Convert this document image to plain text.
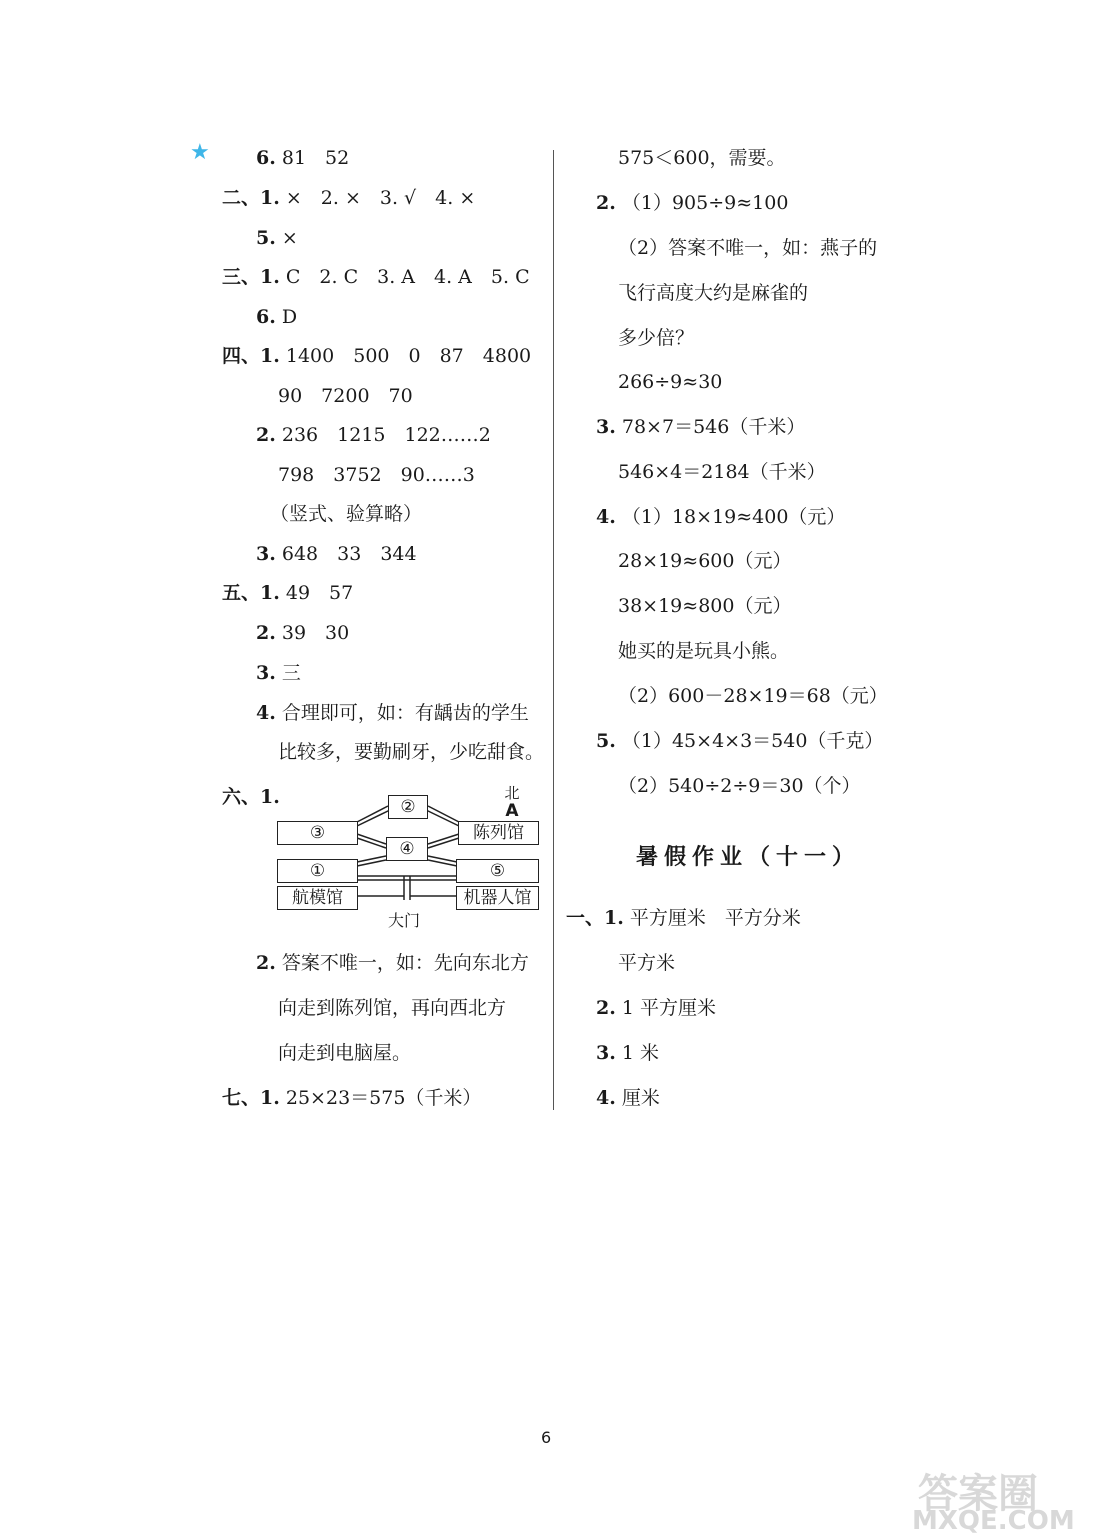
★ 6. 81　52
二、1. ×　2. ×　3. √　4. ×
5. ×
三、1. C　2. C　3. A　4. A　5. C
6. D
四、1. 1400　500　0　87　4800
90　7200　70
2. 236　1215　122……2
798　3752　90……3
（竖式、验算略）
3. 648　33　344
五、1. 49　57
2. 39　30
3. 三
4. 合理即可，如：有龋齿的学生
比较多，要勤刷牙，少吃甜食。
六、1.
2. 答案不唯一，如：先向东北方
向走到陈列馆，再向西北方
向走到电脑屋。
七、1. 25×23＝575（千米）
②
③	陈列馆
④
①	⑤
航模馆	机器人馆
北
A
大门
575＜600，需要。
2. （1）905÷9≈100
（2）答案不唯一，如：燕子的
飞行高度大约是麻雀的
多少倍？
266÷9≈30
3. 78×7＝546（千米）
546×4＝2184（千米）
4. （1）18×19≈400（元）
28×19≈600（元）
38×19≈800（元）
她买的是玩具小熊。
（2）600－28×19＝68（元）
5. （1）45×4×3＝540（千克）
（2）540÷2÷9＝30（个）
暑假作业（十一）
一、1. 平方厘米　平方分米
平方米
2. 1 平方厘米
3. 1 米
4. 厘米
6
答案圈
MXQE.COM
